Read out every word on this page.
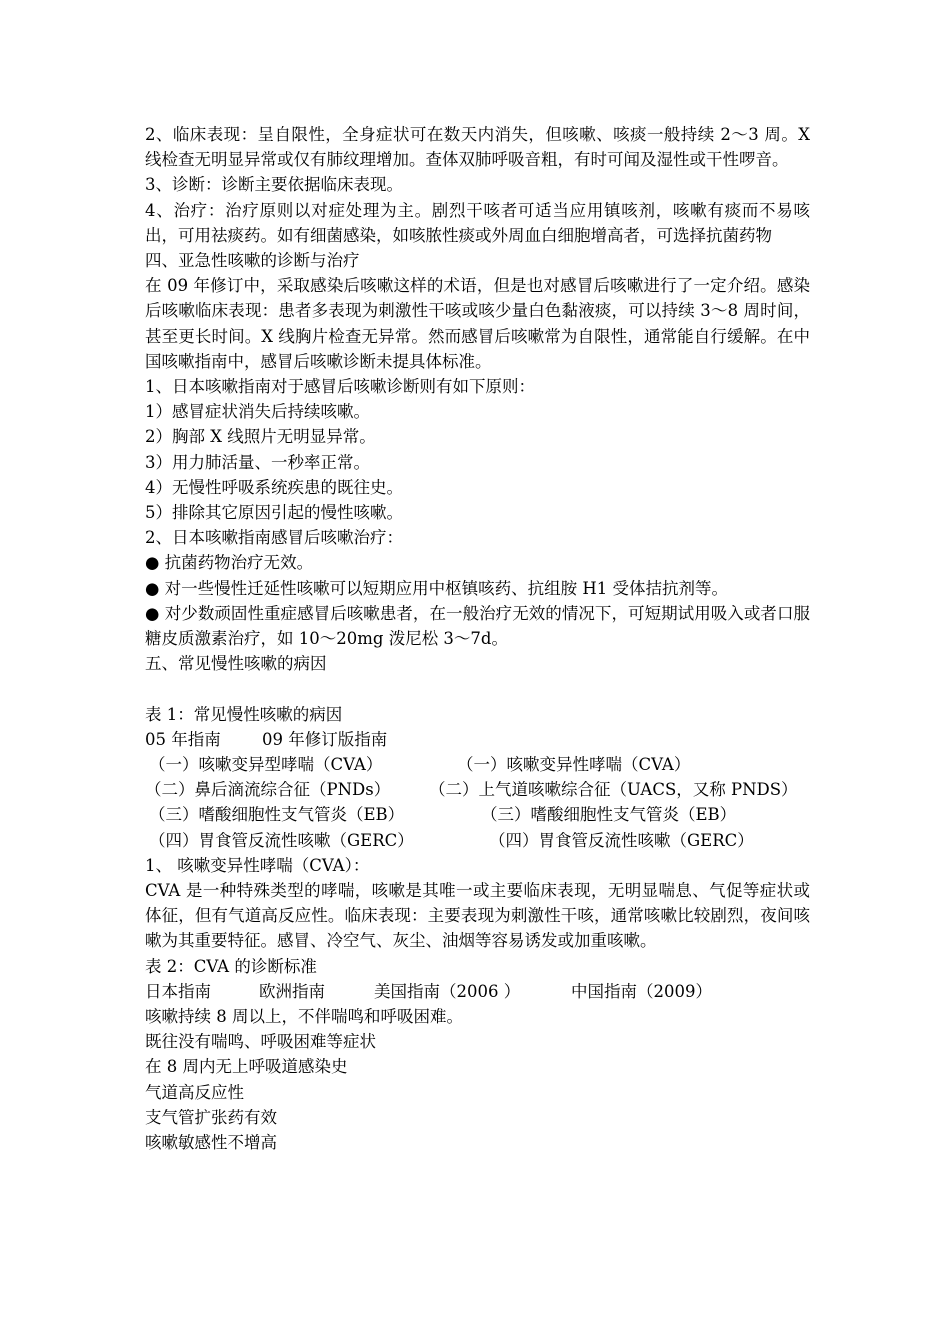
2、临床表现：呈自限性，全身症状可在数天内消失，但咳嗽、咳痰一般持续 2～3 周。X 线检查无明显异常或仅有肺纹理增加。查体双肺呼吸音粗，有时可闻及湿性或干性啰音。

3、诊断：诊断主要依据临床表现。

4、治疗：治疗原则以对症处理为主。剧烈干咳者可适当应用镇咳剂，咳嗽有痰而不易咳出，可用祛痰药。如有细菌感染，如咳脓性痰或外周血白细胞增高者，可选择抗菌药物

四、亚急性咳嗽的诊断与治疗

在 09 年修订中，采取感染后咳嗽这样的术语，但是也对感冒后咳嗽进行了一定介绍。感染后咳嗽临床表现：患者多表现为刺激性干咳或咳少量白色黏液痰，可以持续 3～8 周时间，甚至更长时间。X 线胸片检查无异常。然而感冒后咳嗽常为自限性，通常能自行缓解。在中国咳嗽指南中，感冒后咳嗽诊断未提具体标准。

1、日本咳嗽指南对于感冒后咳嗽诊断则有如下原则：

1）感冒症状消失后持续咳嗽。

2）胸部 X 线照片无明显异常。

3）用力肺活量、一秒率正常。

4）无慢性呼吸系统疾患的既往史。

5）排除其它原因引起的慢性咳嗽。

2、日本咳嗽指南感冒后咳嗽治疗：

● 抗菌药物治疗无效。

● 对一些慢性迁延性咳嗽可以短期应用中枢镇咳药、抗组胺 H1 受体拮抗剂等。

● 对少数顽固性重症感冒后咳嗽患者，在一般治疗无效的情况下，可短期试用吸入或者口服糖皮质激素治疗，如 10～20mg 泼尼松 3～7d。

五、常见慢性咳嗽的病因

表 1：常见慢性咳嗽的病因

05 年指南	09 年修订版指南
（一）咳嗽变异型哮喘（CVA）	（一）咳嗽变异性哮喘（CVA）
（二）鼻后滴流综合征（PNDs） （二）上气道咳嗽综合征（UACS，又称 PNDS）
（三）嗜酸细胞性支气管炎（EB）	（三）嗜酸细胞性支气管炎（EB）
（四）胃食管反流性咳嗽（GERC）	（四）胃食管反流性咳嗽（GERC）

1、 咳嗽变异性哮喘（CVA）：

CVA 是一种特殊类型的哮喘，咳嗽是其唯一或主要临床表现，无明显喘息、气促等症状或体征，但有气道高反应性。临床表现：主要表现为刺激性干咳，通常咳嗽比较剧烈，夜间咳嗽为其重要特征。感冒、冷空气、灰尘、油烟等容易诱发或加重咳嗽。

表 2：CVA 的诊断标准

日本指南	欧洲指南	美国指南（2006 ）	中国指南（2009）

咳嗽持续 8 周以上，不伴喘鸣和呼吸困难。

既往没有喘鸣、呼吸困难等症状

在 8 周内无上呼吸道感染史

气道高反应性

支气管扩张药有效

咳嗽敏感性不增高
